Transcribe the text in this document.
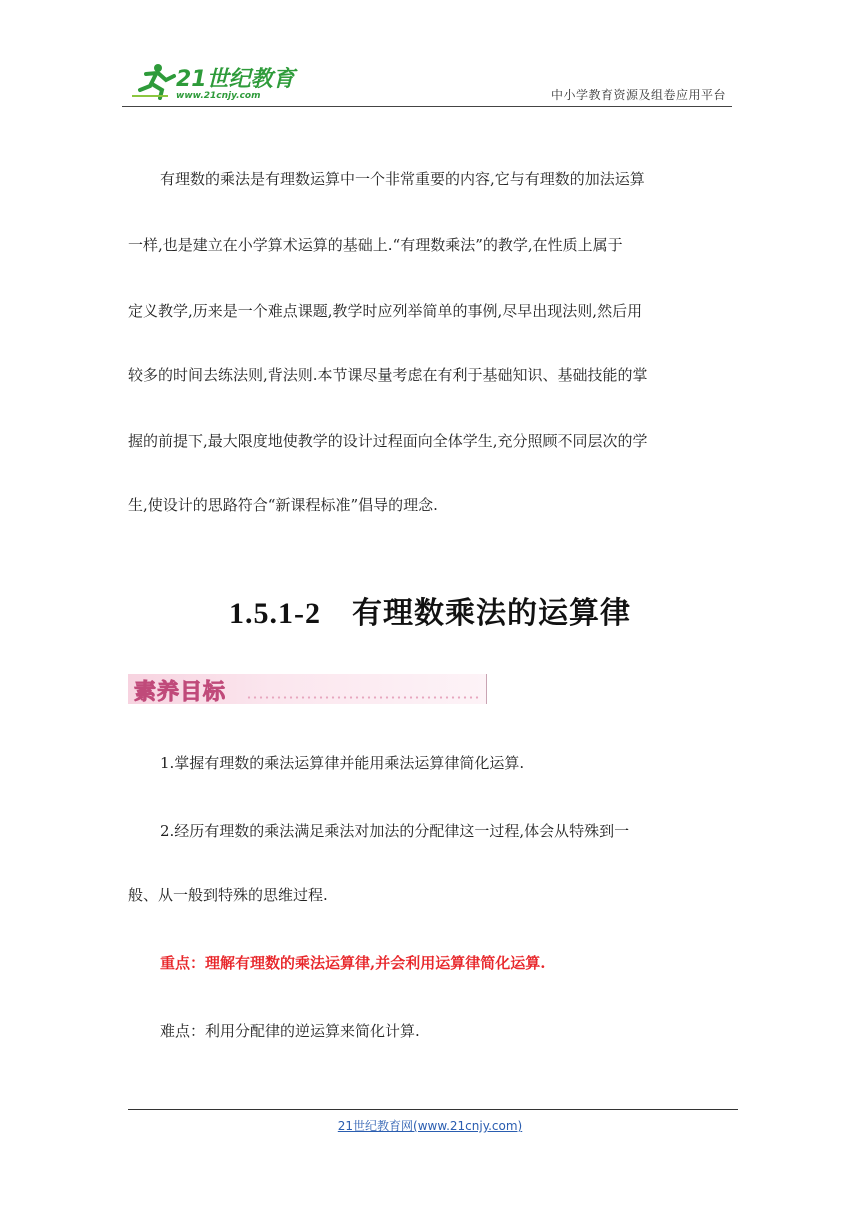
21世纪教育
www.21cnjy.com	中小学教育资源及组卷应用平台
有理数的乘法是有理数运算中一个非常重要的内容,它与有理数的加法运算
一样,也是建立在小学算术运算的基础上.“有理数乘法”的教学,在性质上属于
定义教学,历来是一个难点课题,教学时应列举简单的事例,尽早出现法则,然后用
较多的时间去练法则,背法则.本节课尽量考虑在有利于基础知识、基础技能的掌
握的前提下,最大限度地使教学的设计过程面向全体学生,充分照顾不同层次的学
生,使设计的思路符合“新课程标准”倡导的理念.
1.5.1-2　有理数乘法的运算律
素养目标
1.掌握有理数的乘法运算律并能用乘法运算律简化运算.
2.经历有理数的乘法满足乘法对加法的分配律这一过程,体会从特殊到一
般、从一般到特殊的思维过程.
重点：理解有理数的乘法运算律,并会利用运算律简化运算.
难点：利用分配律的逆运算来简化计算.
21世纪教育网(www.21cnjy.com)
